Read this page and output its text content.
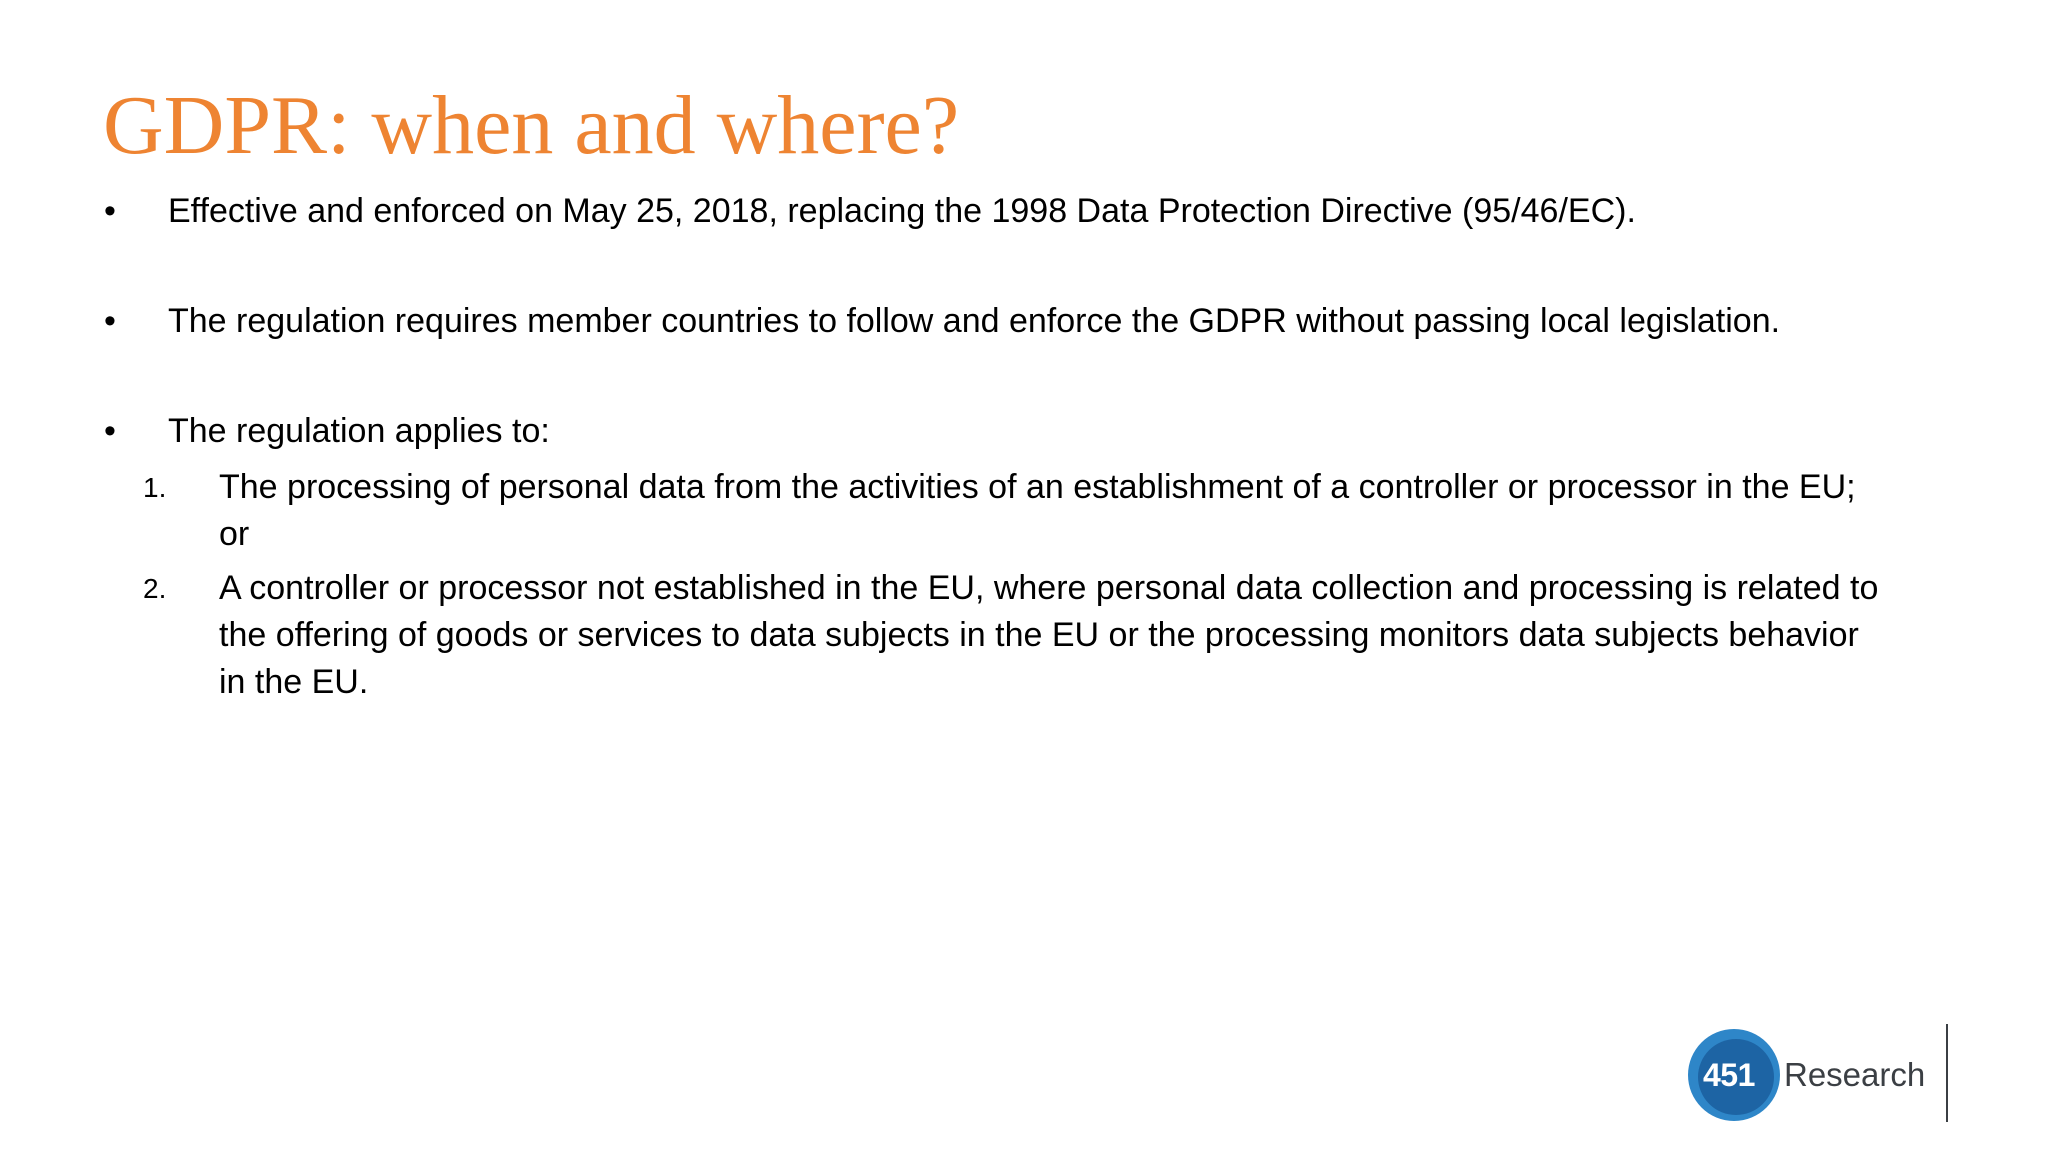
GDPR: when and where?
•	Effective and enforced on May 25, 2018, replacing the 1998 Data Protection Directive (95/46/EC).
•	The regulation requires member countries to follow and enforce the GDPR without passing local legislation.
•	The regulation applies to:
1.	The processing of personal data from the activities of an establishment of a controller or processor in the EU;
or
2.	A controller or processor not established in the EU, where personal data collection and processing is related to
the offering of goods or services to data subjects in the EU or the processing monitors data subjects behavior
in the EU.
451 Research
